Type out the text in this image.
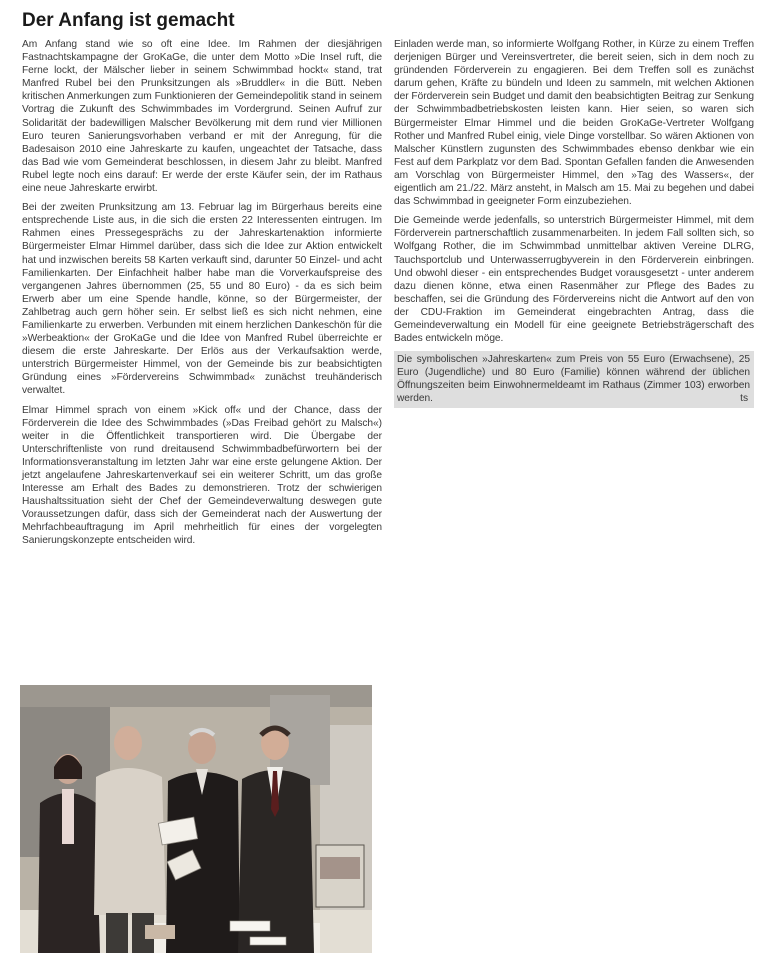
Der Anfang ist gemacht

Am Anfang stand wie so oft eine Idee. Im Rahmen der diesjährigen Fastnachtskampagne der GroKaGe, die unter dem Motto »Die Insel ruft, die Ferne lockt, der Mälscher lieber in seinem Schwimmbad hockt« stand, trat Manfred Rubel bei den Prunksitzungen als »Bruddler« in die Bütt. Neben kritischen Anmerkungen zum Funktionieren der Gemeindepolitik stand in seinem Vortrag die Zukunft des Schwimmbades im Vordergrund. Seinen Aufruf zur Solidarität der badewilligen Malscher Bevölkerung mit dem rund vier Millionen Euro teuren Sanierungsvorhaben verband er mit der Anregung, für die Badesaison 2010 eine Jahreskarte zu kaufen, ungeachtet der Tatsache, dass das Bad wie vom Gemeinderat beschlossen, in diesem Jahr zu bleibt. Manfred Rubel legte noch eins darauf: Er werde der erste Käufer sein, der im Rathaus eine neue Jahreskarte erwirbt.

Bei der zweiten Prunksitzung am 13. Februar lag im Bürgerhaus bereits eine entsprechende Liste aus, in die sich die ersten 22 Interessenten eintrugen. Im Rahmen eines Pressegesprächs zu der Jahreskartenaktion informierte Bürgermeister Elmar Himmel darüber, dass sich die Idee zur Aktion entwickelt hat und inzwischen bereits 58 Karten verkauft sind, darunter 50 Einzel- und acht Familienkarten. Der Einfachheit halber habe man die Vorverkaufspreise des vergangenen Jahres übernommen (25, 55 und 80 Euro) - da es sich beim Erwerb aber um eine Spende handle, könne, so der Bürgermeister, der Zahlbetrag auch gern höher sein. Er selbst ließ es sich nicht nehmen, eine Familienkarte zu erwerben. Verbunden mit einem herzlichen Dankeschön für die »Werbeaktion« der GroKaGe und die Idee von Manfred Rubel überreichte er diesem die erste Jahreskarte. Der Erlös aus der Verkaufsaktion werde, unterstrich Bürgermeister Himmel, von der Gemeinde bis zur beabsichtigten Gründung eines »Fördervereins Schwimmbad« zunächst treuhänderisch verwaltet.

Elmar Himmel sprach von einem »Kick off« und der Chance, dass der Förderverein die Idee des Schwimmbades (»Das Freibad gehört zu Malsch«) weiter in die Öffentlichkeit transportieren wird. Die Übergabe der Unterschriftenliste von rund dreitausend Schwimmbadbefürwortern bei der Informationsveranstaltung im letzten Jahr war eine erste gelungene Aktion. Der jetzt angelaufene Jahreskartenverkauf sei ein weiterer Schritt, um das große Interesse am Erhalt des Bades zu demonstrieren. Trotz der schwierigen Haushaltssituation sieht der Chef der Gemeindeverwaltung deswegen gute Voraussetzungen dafür, dass sich der Gemeinderat nach der Auswertung der Mehrfachbeauftragung im April mehrheitlich für eines der vorgelegten Sanierungskonzepte entscheiden wird.

Einladen werde man, so informierte Wolfgang Rother, in Kürze zu einem Treffen derjenigen Bürger und Vereinsvertreter, die bereit seien, sich in dem noch zu gründenden Förderverein zu engagieren. Bei dem Treffen soll es zunächst darum gehen, Kräfte zu bündeln und Ideen zu sammeln, mit welchen Aktionen der Förderverein sein Budget und damit den beabsichtigten Beitrag zur Senkung der Schwimmbadbetriebskosten leisten kann. Hier seien, so waren sich Bürgermeister Elmar Himmel und die beiden GroKaGe-Vertreter Wolfgang Rother und Manfred Rubel einig, viele Dinge vorstellbar. So wären Aktionen von Malscher Künstlern zugunsten des Schwimmbades ebenso denkbar wie ein Fest auf dem Parkplatz vor dem Bad. Spontan Gefallen fanden die Anwesenden am Vorschlag von Bürgermeister Himmel, den »Tag des Wassers«, der eigentlich am 21./22. März ansteht, in Malsch am 15. Mai zu begehen und dabei das Schwimmbad in geeigneter Form einzubeziehen.

Die Gemeinde werde jedenfalls, so unterstrich Bürgermeister Himmel, mit dem Förderverein partnerschaftlich zusammenarbeiten. In jedem Fall sollten sich, so Wolfgang Rother, die im Schwimmbad unmittelbar aktiven Vereine DLRG, Tauchsportclub und Unterwasserrugbyverein in den Förderverein einbringen. Und obwohl dieser - ein entsprechendes Budget vorausgesetzt - unter anderem dazu dienen könne, etwa einen Rasenmäher zur Pflege des Bades zu beschaffen, sei die Gründung des Fördervereins nicht die Antwort auf den von der CDU-Fraktion im Gemeinderat eingebrachten Antrag, dass die Gemeindeverwaltung ein Modell für eine geeignete Betriebsträgerschaft des Bades entwickeln möge.

Die symbolischen »Jahreskarten« zum Preis von 55 Euro (Erwachsene), 25 Euro (Jugendliche) und 80 Euro (Familie) können während der üblichen Öffnungszeiten beim Einwohnermeldeamt im Rathaus (Zimmer 103) erworben werden.	ts
